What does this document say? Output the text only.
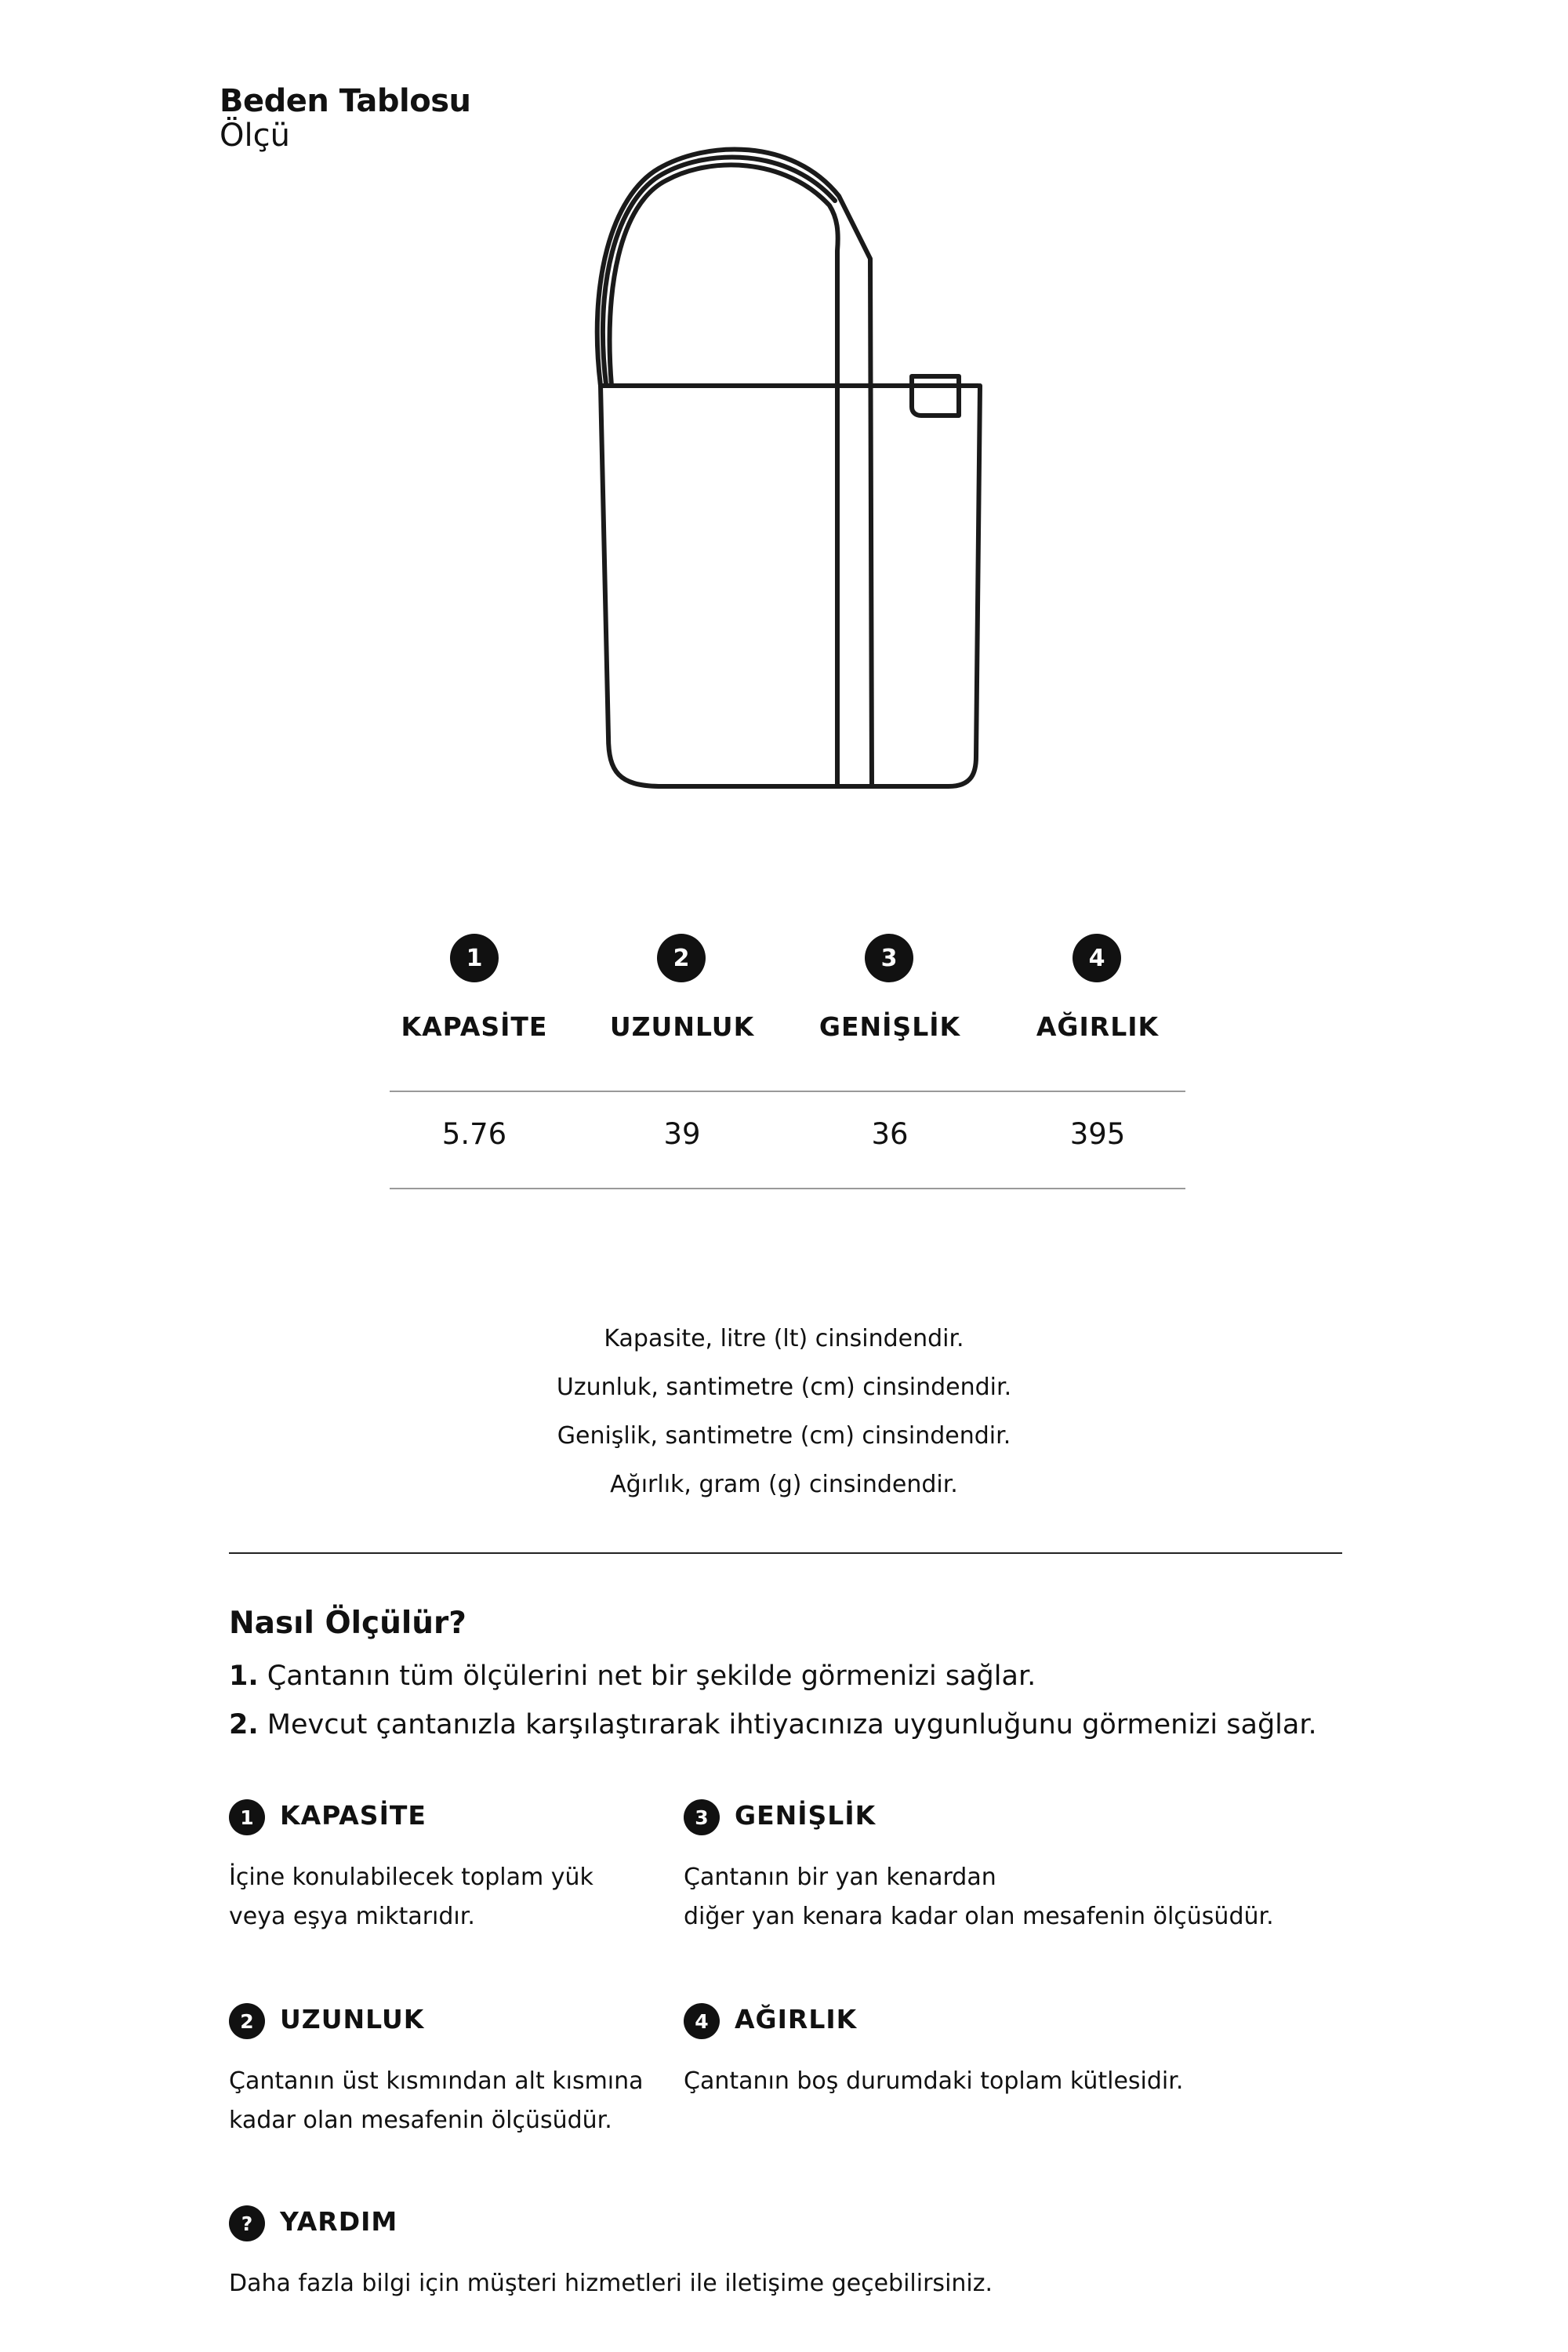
Beden Tablosu
Ölçü
1	2	3	4
KAPASİTE	UZUNLUK	GENİŞLİK	AĞIRLIK
5.76	39	36	395
Kapasite, litre (lt) cinsindendir.
Uzunluk, santimetre (cm) cinsindendir.
Genişlik, santimetre (cm) cinsindendir.
Ağırlık, gram (g) cinsindendir.
Nasıl Ölçülür?
1. Çantanın tüm ölçülerini net bir şekilde görmenizi sağlar.
2. Mevcut çantanızla karşılaştırarak ihtiyacınıza uygunluğunu görmenizi sağlar.
1	KAPASİTE
İçine konulabilecek toplam yük
veya eşya miktarıdır.
3	GENİŞLİK
Çantanın bir yan kenardan
diğer yan kenara kadar olan mesafenin ölçüsüdür.
2	UZUNLUK
Çantanın üst kısmından alt kısmına
kadar olan mesafenin ölçüsüdür.
4	AĞIRLIK
Çantanın boş durumdaki toplam kütlesidir.
?	YARDIM
Daha fazla bilgi için müşteri hizmetleri ile iletişime geçebilirsiniz.
